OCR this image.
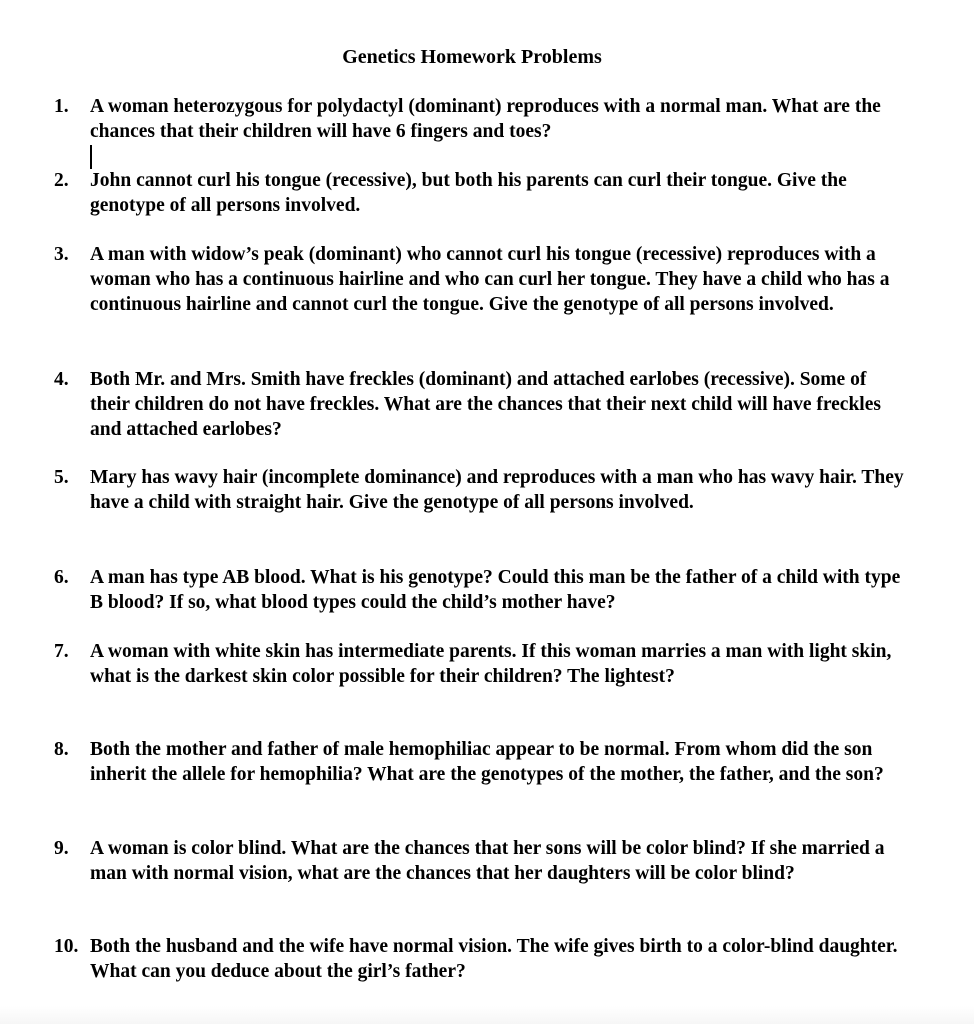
Genetics Homework Problems
1.	A woman heterozygous for polydactyl (dominant) reproduces with a normal man. What are the chances that their children will have 6 fingers and toes?
2.	John cannot curl his tongue (recessive), but both his parents can curl their tongue. Give the genotype of all persons involved.
3.	A man with widow’s peak (dominant) who cannot curl his tongue (recessive) reproduces with a woman who has a continuous hairline and who can curl her tongue. They have a child who has a continuous hairline and cannot curl the tongue. Give the genotype of all persons involved.
4.	Both Mr. and Mrs. Smith have freckles (dominant) and attached earlobes (recessive). Some of their children do not have freckles. What are the chances that their next child will have freckles and attached earlobes?
5.	Mary has wavy hair (incomplete dominance) and reproduces with a man who has wavy hair. They have a child with straight hair. Give the genotype of all persons involved.
6.	A man has type AB blood. What is his genotype? Could this man be the father of a child with type B blood? If so, what blood types could the child’s mother have?
7.	A woman with white skin has intermediate parents. If this woman marries a man with light skin, what is the darkest skin color possible for their children? The lightest?
8.	Both the mother and father of male hemophiliac appear to be normal. From whom did the son inherit the allele for hemophilia? What are the genotypes of the mother, the father, and the son?
9.	A woman is color blind. What are the chances that her sons will be color blind? If she married a man with normal vision, what are the chances that her daughters will be color blind?
10. Both the husband and the wife have normal vision. The wife gives birth to a color-blind daughter. What can you deduce about the girl’s father?
